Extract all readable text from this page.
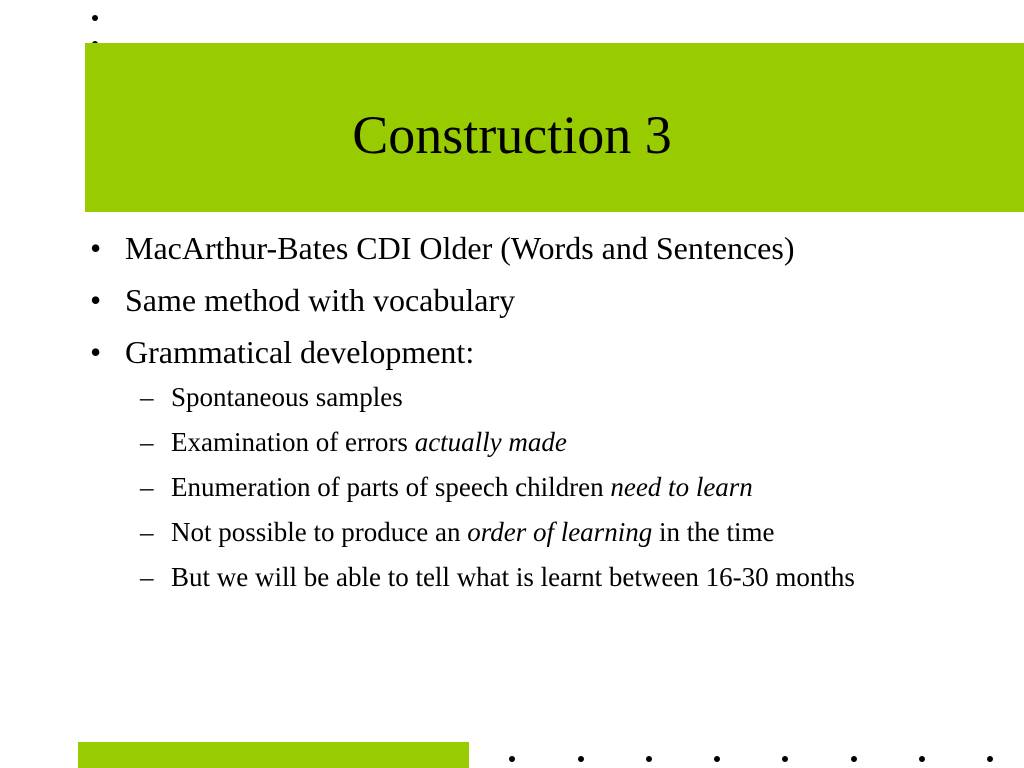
Construction 3
• MacArthur-Bates CDI Older (Words and Sentences)
• Same method with vocabulary
• Grammatical development:
– Spontaneous samples
– Examination of errors actually made
– Enumeration of parts of speech children need to learn
– Not possible to produce an order of learning in the time
– But we will be able to tell what is learnt between 16-30 months
